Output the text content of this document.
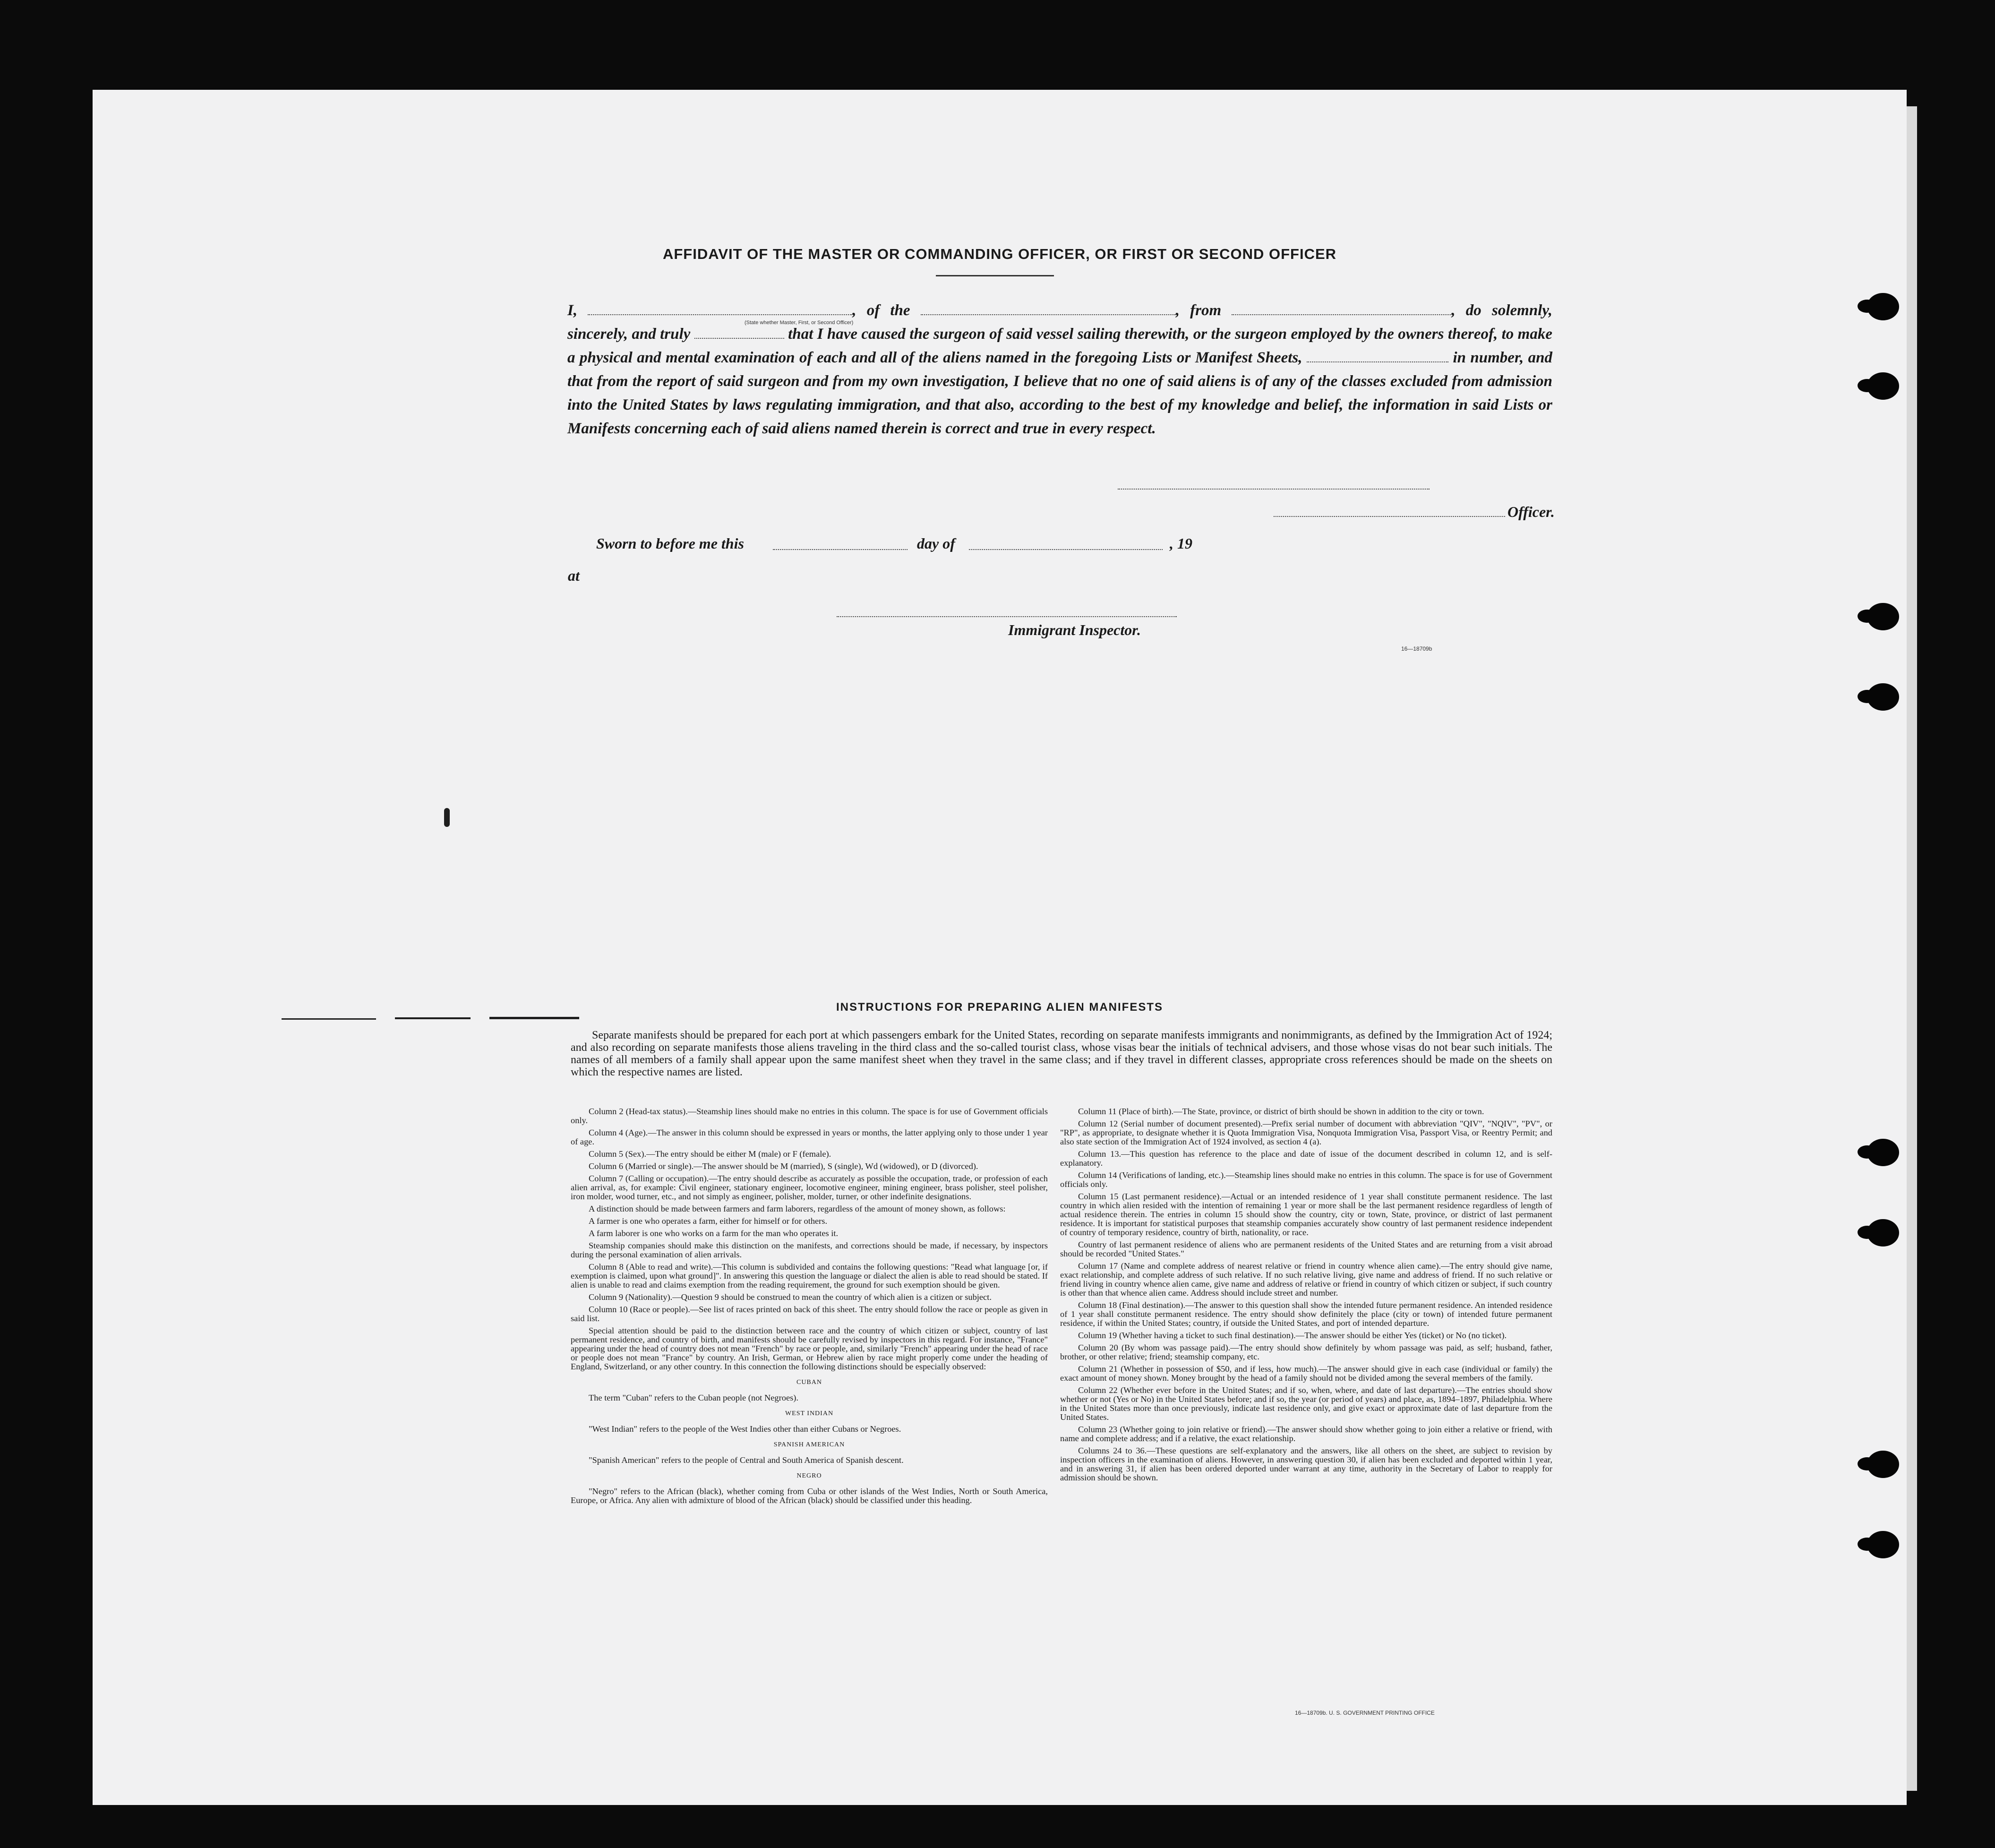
AFFIDAVIT OF THE MASTER OR COMMANDING OFFICER, OR FIRST OR SECOND OFFICER
(State whether Master, First, or Second Officer)
I,	, of the	, from	, do solemnly, sincerely, and truly	that I have caused the surgeon of said vessel sailing therewith, or the surgeon employed by the owners thereof, to make a physical and mental examination of each and all of the aliens named in the foregoing Lists or Manifest Sheets,	in number, and that from the report of said surgeon and from my own investigation, I believe that no one of said aliens is of any of the classes excluded from admission into the United States by laws regulating immigration, and that also, according to the best of my knowledge and belief, the information in said Lists or Manifests concerning each of said aliens named therein is correct and true in every respect.
Officer.
Sworn to before me this	day of	, 19
at
Immigrant Inspector.
16—18709b
INSTRUCTIONS FOR PREPARING ALIEN MANIFESTS
Separate manifests should be prepared for each port at which passengers embark for the United States, recording on separate manifests immigrants and nonimmigrants, as defined by the Immigration Act of 1924; and also recording on separate manifests those aliens traveling in the third class and the so-called tourist class, whose visas bear the initials of technical advisers, and those whose visas do not bear such initials. The names of all members of a family shall appear upon the same manifest sheet when they travel in the same class; and if they travel in different classes, appropriate cross references should be made on the sheets on which the respective names are listed.

Column 2 (Head-tax status).—Steamship lines should make no entries in this column. The space is for use of Government officials only.

Column 4 (Age).—The answer in this column should be expressed in years or months, the latter applying only to those under 1 year of age.

Column 5 (Sex).—The entry should be either M (male) or F (female).

Column 6 (Married or single).—The answer should be M (married), S (single), Wd (widowed), or D (divorced).

Column 7 (Calling or occupation).—The entry should describe as accurately as possible the occupation, trade, or profession of each alien arrival, as, for example: Civil engineer, stationary engineer, locomotive engineer, mining engineer, brass polisher, steel polisher, iron molder, wood turner, etc., and not simply as engineer, polisher, molder, turner, or other indefinite designations.

A distinction should be made between farmers and farm laborers, regardless of the amount of money shown, as follows:

A farmer is one who operates a farm, either for himself or for others.

A farm laborer is one who works on a farm for the man who operates it.

Steamship companies should make this distinction on the manifests, and corrections should be made, if necessary, by inspectors during the personal examination of alien arrivals.

Column 8 (Able to read and write).—This column is subdivided and contains the following questions: "Read what language [or, if exemption is claimed, upon what ground]". In answering this question the language or dialect the alien is able to read should be stated. If alien is unable to read and claims exemption from the reading requirement, the ground for such exemption should be given.

Column 9 (Nationality).—Question 9 should be construed to mean the country of which alien is a citizen or subject.

Column 10 (Race or people).—See list of races printed on back of this sheet. The entry should follow the race or people as given in said list.

Special attention should be paid to the distinction between race and the country of which citizen or subject, country of last permanent residence, and country of birth, and manifests should be carefully revised by inspectors in this regard. For instance, "France" appearing under the head of country does not mean "French" by race or people, and, similarly "French" appearing under the head of race or people does not mean "France" by country. An Irish, German, or Hebrew alien by race might properly come under the heading of England, Switzerland, or any other country. In this connection the following distinctions should be especially observed:

CUBAN

The term "Cuban" refers to the Cuban people (not Negroes).

WEST INDIAN

"West Indian" refers to the people of the West Indies other than either Cubans or Negroes.

SPANISH AMERICAN

"Spanish American" refers to the people of Central and South America of Spanish descent.

NEGRO

"Negro" refers to the African (black), whether coming from Cuba or other islands of the West Indies, North or South America, Europe, or Africa. Any alien with admixture of blood of the African (black) should be classified under this heading.

Column 11 (Place of birth).—The State, province, or district of birth should be shown in addition to the city or town.

Column 12 (Serial number of document presented).—Prefix serial number of document with abbreviation "QIV", "NQIV", "PV", or "RP", as appropriate, to designate whether it is Quota Immigration Visa, Nonquota Immigration Visa, Passport Visa, or Reentry Permit; and also state section of the Immigration Act of 1924 involved, as section 4 (a).

Column 13.—This question has reference to the place and date of issue of the document described in column 12, and is self-explanatory.

Column 14 (Verifications of landing, etc.).—Steamship lines should make no entries in this column. The space is for use of Government officials only.

Column 15 (Last permanent residence).—Actual or an intended residence of 1 year shall constitute permanent residence. The last country in which alien resided with the intention of remaining 1 year or more shall be the last permanent residence regardless of length of actual residence therein. The entries in column 15 should show the country, city or town, State, province, or district of last permanent residence. It is important for statistical purposes that steamship companies accurately show country of last permanent residence independent of country of temporary residence, country of birth, nationality, or race.

Country of last permanent residence of aliens who are permanent residents of the United States and are returning from a visit abroad should be recorded "United States."

Column 17 (Name and complete address of nearest relative or friend in country whence alien came).—The entry should give name, exact relationship, and complete address of such relative. If no such relative living, give name and address of friend. If no such relative or friend living in country whence alien came, give name and address of relative or friend in country of which citizen or subject, if such country is other than that whence alien came. Address should include street and number.

Column 18 (Final destination).—The answer to this question shall show the intended future permanent residence. An intended residence of 1 year shall constitute permanent residence. The entry should show definitely the place (city or town) of intended future permanent residence, if within the United States; country, if outside the United States, and port of intended departure.

Column 19 (Whether having a ticket to such final destination).—The answer should be either Yes (ticket) or No (no ticket).

Column 20 (By whom was passage paid).—The entry should show definitely by whom passage was paid, as self; husband, father, brother, or other relative; friend; steamship company, etc.

Column 21 (Whether in possession of $50, and if less, how much).—The answer should give in each case (individual or family) the exact amount of money shown. Money brought by the head of a family should not be divided among the several members of the family.

Column 22 (Whether ever before in the United States; and if so, when, where, and date of last departure).—The entries should show whether or not (Yes or No) in the United States before; and if so, the year (or period of years) and place, as, 1894–1897, Philadelphia. Where in the United States more than once previously, indicate last residence only, and give exact or approximate date of last departure from the United States.

Column 23 (Whether going to join relative or friend).—The answer should show whether going to join either a relative or friend, with name and complete address; and if a relative, the exact relationship.

Columns 24 to 36.—These questions are self-explanatory and the answers, like all others on the sheet, are subject to revision by inspection officers in the examination of aliens. However, in answering question 30, if alien has been excluded and deported within 1 year, and in answering 31, if alien has been ordered deported under warrant at any time, authority in the Secretary of Labor to reapply for admission should be shown.

16—18709b. U. S. GOVERNMENT PRINTING OFFICE
